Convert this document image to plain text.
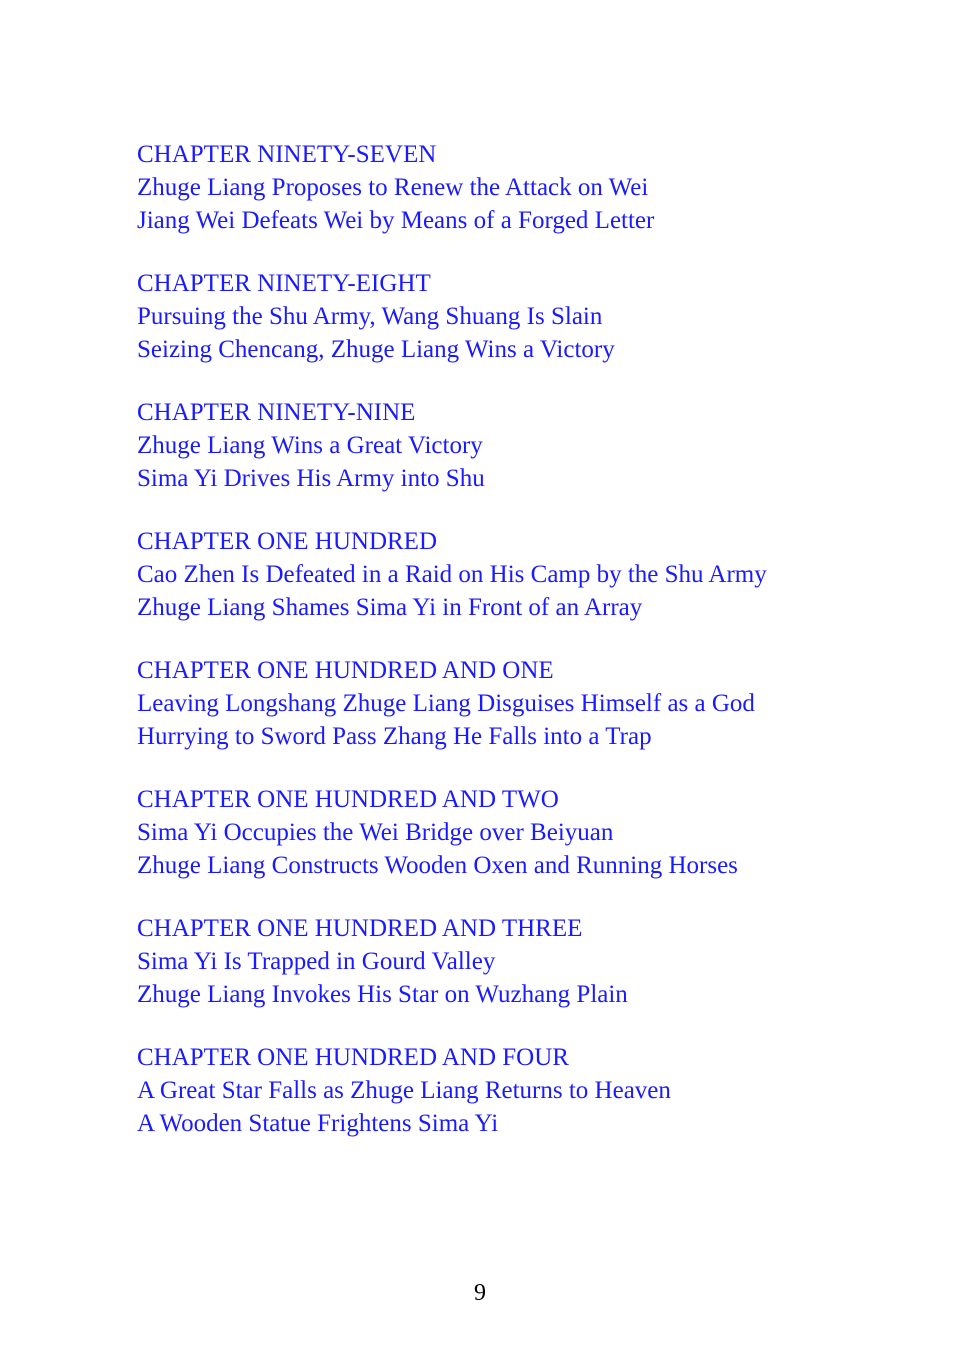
CHAPTER NINETY-SEVEN
Zhuge Liang Proposes to Renew the Attack on Wei
Jiang Wei Defeats Wei by Means of a Forged Letter
CHAPTER NINETY-EIGHT
Pursuing the Shu Army, Wang Shuang Is Slain
Seizing Chencang, Zhuge Liang Wins a Victory
CHAPTER NINETY-NINE
Zhuge Liang Wins a Great Victory
Sima Yi Drives His Army into Shu
CHAPTER ONE HUNDRED
Cao Zhen Is Defeated in a Raid on His Camp by the Shu Army
Zhuge Liang Shames Sima Yi in Front of an Array
CHAPTER ONE HUNDRED AND ONE
Leaving Longshang Zhuge Liang Disguises Himself as a God
Hurrying to Sword Pass Zhang He Falls into a Trap
CHAPTER ONE HUNDRED AND TWO
Sima Yi Occupies the Wei Bridge over Beiyuan
Zhuge Liang Constructs Wooden Oxen and Running Horses
CHAPTER ONE HUNDRED AND THREE
Sima Yi Is Trapped in Gourd Valley
Zhuge Liang Invokes His Star on Wuzhang Plain
CHAPTER ONE HUNDRED AND FOUR
A Great Star Falls as Zhuge Liang Returns to Heaven
A Wooden Statue Frightens Sima Yi
9
